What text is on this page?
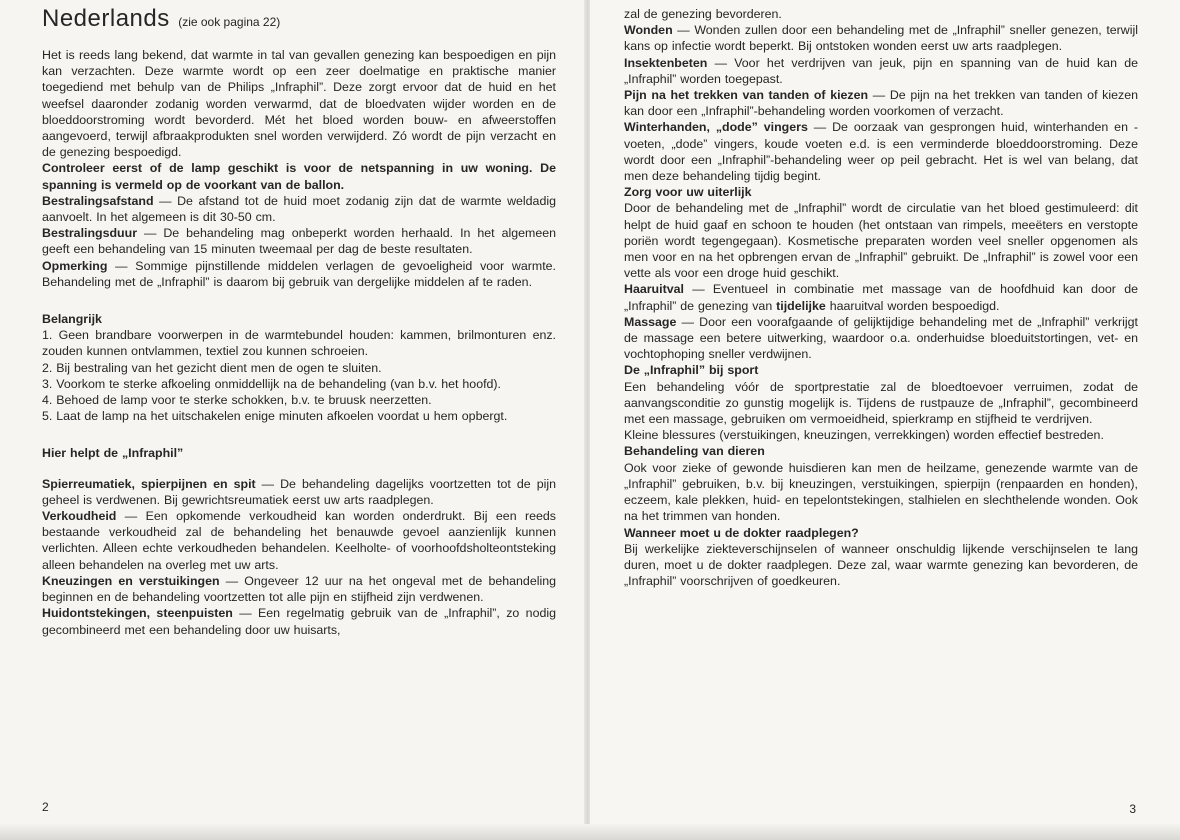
Nederlands (zie ook pagina 22)

Het is reeds lang bekend, dat warmte in tal van gevallen genezing kan bespoedigen en pijn kan verzachten. Deze warmte wordt op een zeer doelmatige en praktische manier toegediend met behulp van de Philips „Infraphil”. Deze zorgt ervoor dat de huid en het weefsel daaronder zodanig worden verwarmd, dat de bloedvaten wijder worden en de bloeddoorstroming wordt bevorderd. Mét het bloed worden bouw- en afweerstoffen aangevoerd, terwijl afbraakprodukten snel worden verwijderd. Zó wordt de pijn verzacht en de genezing bespoedigd.

Controleer eerst of de lamp geschikt is voor de netspanning in uw woning. De spanning is vermeld op de voorkant van de ballon.

Bestralingsafstand — De afstand tot de huid moet zodanig zijn dat de warmte weldadig aanvoelt. In het algemeen is dit 30-50 cm.

Bestralingsduur — De behandeling mag onbeperkt worden herhaald. In het algemeen geeft een behandeling van 15 minuten tweemaal per dag de beste resultaten.

Opmerking — Sommige pijnstillende middelen verlagen de gevoeligheid voor warmte. Behandeling met de „Infraphil” is daarom bij gebruik van dergelijke middelen af te raden.

Belangrijk

1. Geen brandbare voorwerpen in de warmtebundel houden: kammen, brilmonturen enz. zouden kunnen ontvlammen, textiel zou kunnen schroeien.

2. Bij bestraling van het gezicht dient men de ogen te sluiten.

3. Voorkom te sterke afkoeling onmiddellijk na de behandeling (van b.v. het hoofd).

4. Behoed de lamp voor te sterke schokken, b.v. te bruusk neerzetten.

5. Laat de lamp na het uitschakelen enige minuten afkoelen voordat u hem opbergt.

Hier helpt de „Infraphil”

Spierreumatiek, spierpijnen en spit — De behandeling dagelijks voortzetten tot de pijn geheel is verdwenen. Bij gewrichtsreumatiek eerst uw arts raadplegen.

Verkoudheid — Een opkomende verkoudheid kan worden onderdrukt. Bij een reeds bestaande verkoudheid zal de behandeling het benauwde gevoel aanzienlijk kunnen verlichten. Alleen echte verkoudheden behandelen. Keelholte- of voorhoofdsholteontsteking alleen behandelen na overleg met uw arts.

Kneuzingen en verstuikingen — Ongeveer 12 uur na het ongeval met de behandeling beginnen en de behandeling voortzetten tot alle pijn en stijfheid zijn verdwenen.

Huidontstekingen, steenpuisten — Een regelmatig gebruik van de „Infraphil”, zo nodig gecombineerd met een behandeling door uw huisarts,

2

zal de genezing bevorderen.

Wonden — Wonden zullen door een behandeling met de „Infraphil” sneller genezen, terwijl kans op infectie wordt beperkt. Bij ontstoken wonden eerst uw arts raadplegen.

Insektenbeten — Voor het verdrijven van jeuk, pijn en spanning van de huid kan de „Infraphil” worden toegepast.

Pijn na het trekken van tanden of kiezen — De pijn na het trekken van tanden of kiezen kan door een „Infraphil”-behandeling worden voorkomen of verzacht.

Winterhanden, „dode” vingers — De oorzaak van gesprongen huid, winterhanden en -voeten, „dode” vingers, koude voeten e.d. is een verminderde bloeddoorstroming. Deze wordt door een „Infraphil”-behandeling weer op peil gebracht. Het is wel van belang, dat men deze behandeling tijdig begint.

Zorg voor uw uiterlijk

Door de behandeling met de „Infraphil” wordt de circulatie van het bloed gestimuleerd: dit helpt de huid gaaf en schoon te houden (het ontstaan van rimpels, meeëters en verstopte poriën wordt tegengegaan). Kosmetische preparaten worden veel sneller opgenomen als men voor en na het opbrengen ervan de „Infraphil” gebruikt. De „Infraphil” is zowel voor een vette als voor een droge huid geschikt.

Haaruitval — Eventueel in combinatie met massage van de hoofdhuid kan door de „Infraphil” de genezing van tijdelijke haaruitval worden bespoedigd.

Massage — Door een voorafgaande of gelijktijdige behandeling met de „Infraphil” verkrijgt de massage een betere uitwerking, waardoor o.a. onderhuidse bloeduitstortingen, vet- en vochtophoping sneller verdwijnen.

De „Infraphil” bij sport

Een behandeling vóór de sportprestatie zal de bloedtoevoer verruimen, zodat de aanvangsconditie zo gunstig mogelijk is. Tijdens de rustpauze de „Infraphil”, gecombineerd met een massage, gebruiken om vermoeidheid, spierkramp en stijfheid te verdrijven.

Kleine blessures (verstuikingen, kneuzingen, verrekkingen) worden effectief bestreden.

Behandeling van dieren

Ook voor zieke of gewonde huisdieren kan men de heilzame, genezende warmte van de „Infraphil” gebruiken, b.v. bij kneuzingen, verstuikingen, spierpijn (renpaarden en honden), eczeem, kale plekken, huid- en tepelontstekingen, stalhielen en slechthelende wonden. Ook na het trimmen van honden.

Wanneer moet u de dokter raadplegen?

Bij werkelijke ziekteverschijnselen of wanneer onschuldig lijkende verschijnselen te lang duren, moet u de dokter raadplegen. Deze zal, waar warmte genezing kan bevorderen, de „Infraphil” voorschrijven of goedkeuren.

3
